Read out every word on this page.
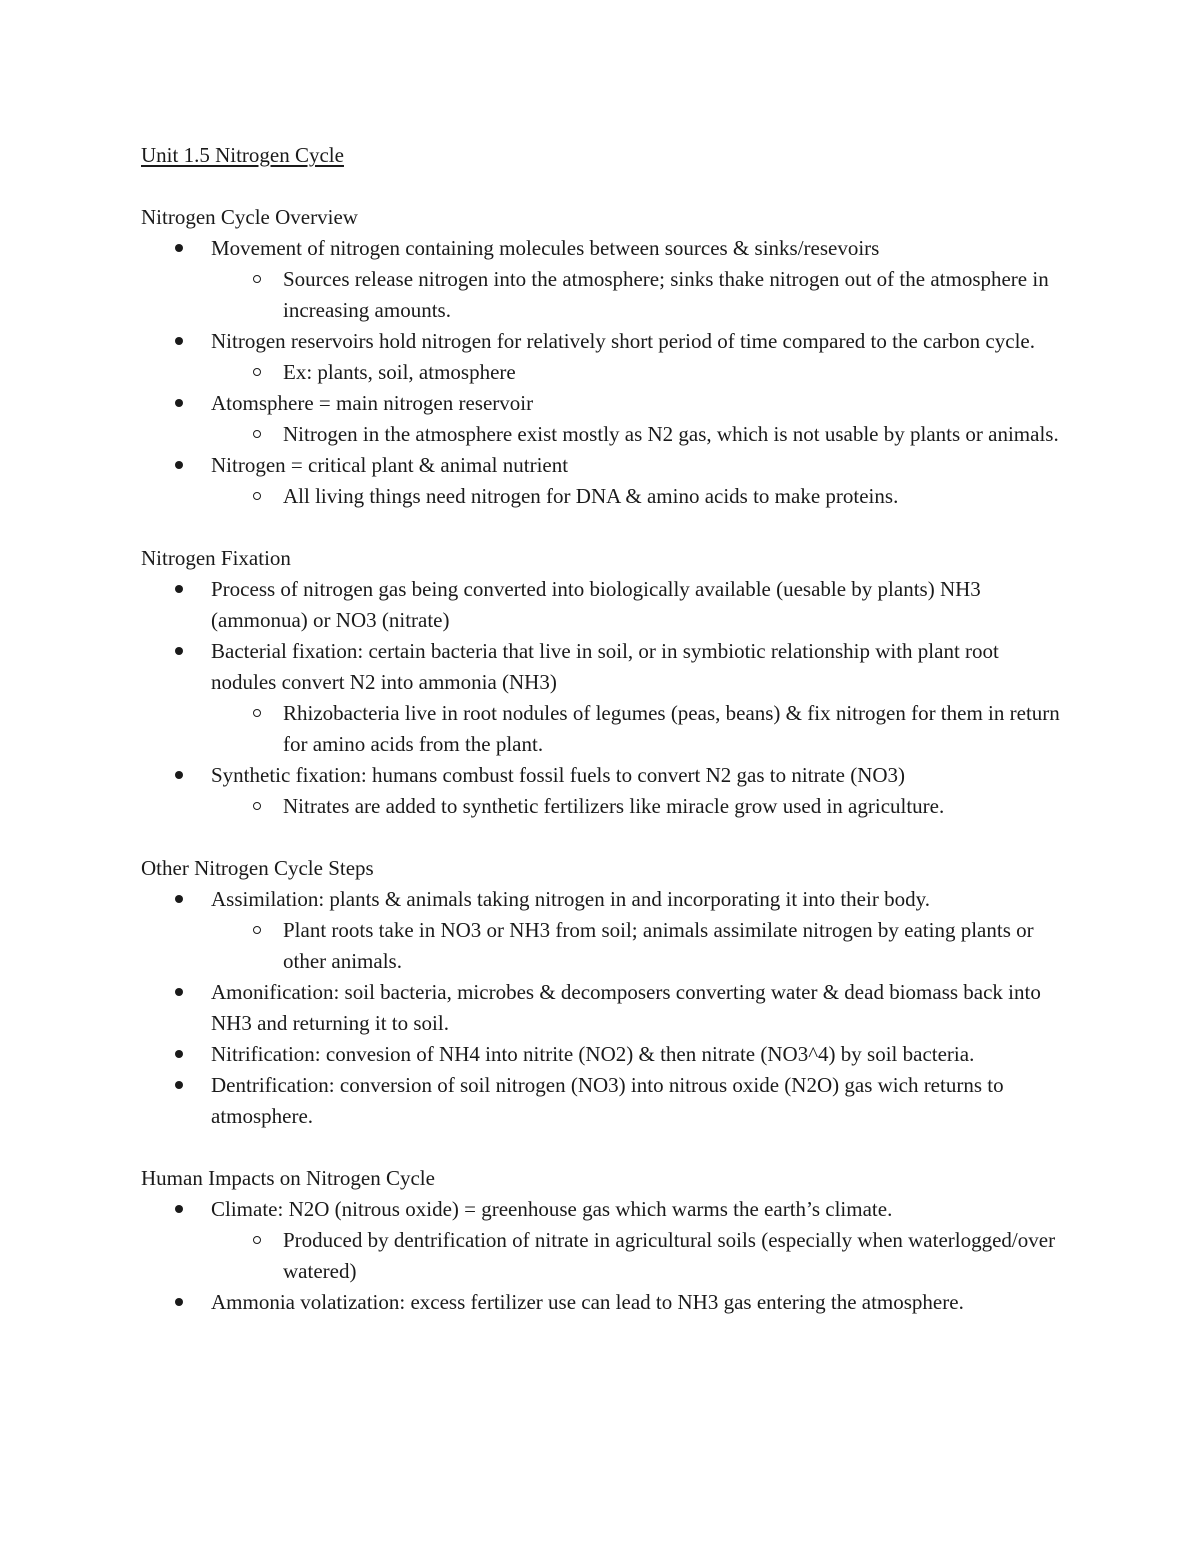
Unit 1.5 Nitrogen Cycle

Nitrogen Cycle Overview

Movement of nitrogen containing molecules between sources & sinks/resevoirs
Sources release nitrogen into the atmosphere; sinks thake nitrogen out of the atmosphere in increasing amounts.
Nitrogen reservoirs hold nitrogen for relatively short period of time compared to the carbon cycle.
Ex: plants, soil, atmosphere
Atomsphere = main nitrogen reservoir
Nitrogen in the atmosphere exist mostly as N2 gas, which is not usable by plants or animals.
Nitrogen = critical plant & animal nutrient
All living things need nitrogen for DNA & amino acids to make proteins.

Nitrogen Fixation

Process of nitrogen gas being converted into biologically available (uesable by plants) NH3 (ammonua) or NO3 (nitrate)
Bacterial fixation: certain bacteria that live in soil, or in symbiotic relationship with plant root nodules convert N2 into ammonia (NH3)
Rhizobacteria live in root nodules of legumes (peas, beans) & fix nitrogen for them in return for amino acids from the plant.
Synthetic fixation: humans combust fossil fuels to convert N2 gas to nitrate (NO3)
Nitrates are added to synthetic fertilizers like miracle grow used in agriculture.

Other Nitrogen Cycle Steps

Assimilation: plants & animals taking nitrogen in and incorporating it into their body.
Plant roots take in NO3 or NH3 from soil; animals assimilate nitrogen by eating plants or other animals.
Amonification: soil bacteria, microbes & decomposers converting water & dead biomass back into NH3 and returning it to soil.
Nitrification: convesion of NH4 into nitrite (NO2) & then nitrate (NO3^4) by soil bacteria.
Dentrification: conversion of soil nitrogen (NO3) into nitrous oxide (N2O) gas wich returns to atmosphere.

Human Impacts on Nitrogen Cycle

Climate: N2O (nitrous oxide) = greenhouse gas which warms the earth’s climate.
Produced by dentrification of nitrate in agricultural soils (especially when waterlogged/over watered)
Ammonia volatization: excess fertilizer use can lead to NH3 gas entering the atmosphere.
